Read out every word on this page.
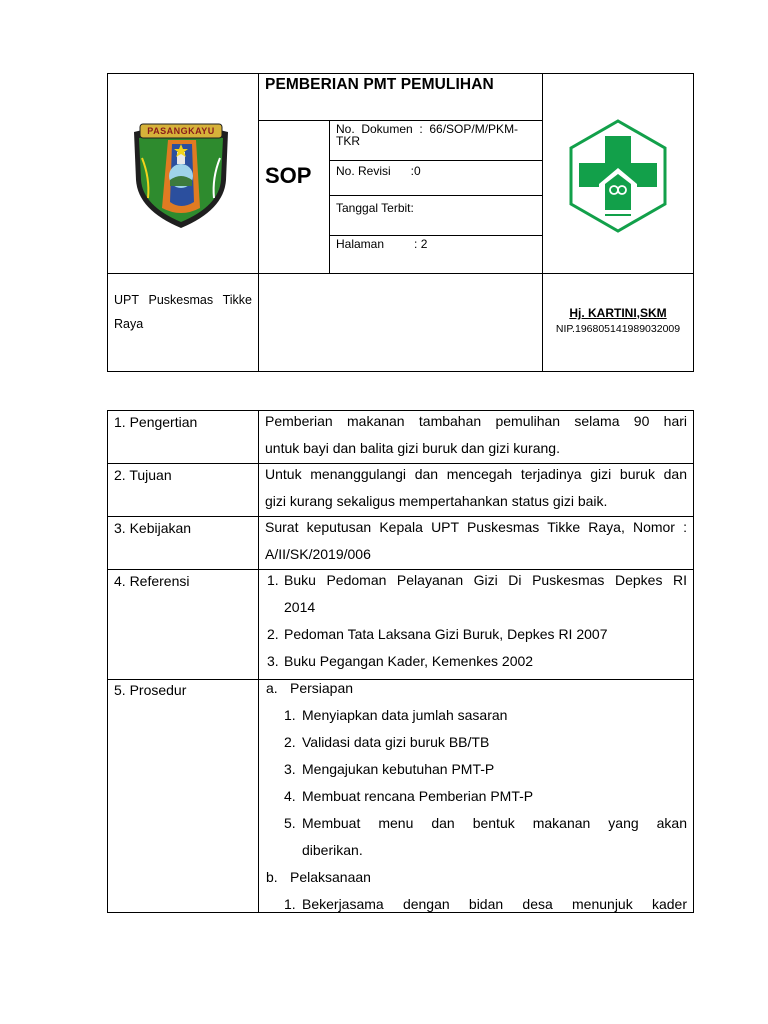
PASANGKAYU
PEMBERIAN PMT PEMULIHAN
SOP
No.  Dokumen  :  66/SOP/M/PKM-
TKR
No. Revisi      :0
Tanggal Terbit:
Halaman         : 2
UPT  Puskesmas  Tikke
Raya
Hj. KARTINI,SKM
NIP.196805141989032009
1. Pengertian
2. Tujuan
3. Kebijakan
4. Referensi
5. Prosedur
Pemberian  makanan  tambahan  pemulihan  selama  90  hari
untuk bayi dan balita gizi buruk dan gizi kurang.
Untuk menanggulangi dan mencegah terjadinya gizi buruk dan
gizi kurang sekaligus mempertahankan status gizi baik.
Surat keputusan Kepala UPT Puskesmas Tikke Raya, Nomor :
A/II/SK/2019/006
1. Buku  Pedoman  Pelayanan  Gizi  Di  Puskesmas  Depkes  RI
2014
2. Pedoman Tata Laksana Gizi Buruk, Depkes RI 2007
3. Buku Pegangan Kader, Kemenkes 2002
a. Persiapan
1. Menyiapkan data jumlah sasaran
2. Validasi data gizi buruk BB/TB
3. Mengajukan kebutuhan PMT-P
4. Membuat rencana Pemberian PMT-P
5. Membuat    menu    dan    bentuk    makanan    yang    akan
diberikan.
b. Pelaksanaan
1. Bekerjasama    dengan    bidan    desa    menunjuk    kader
